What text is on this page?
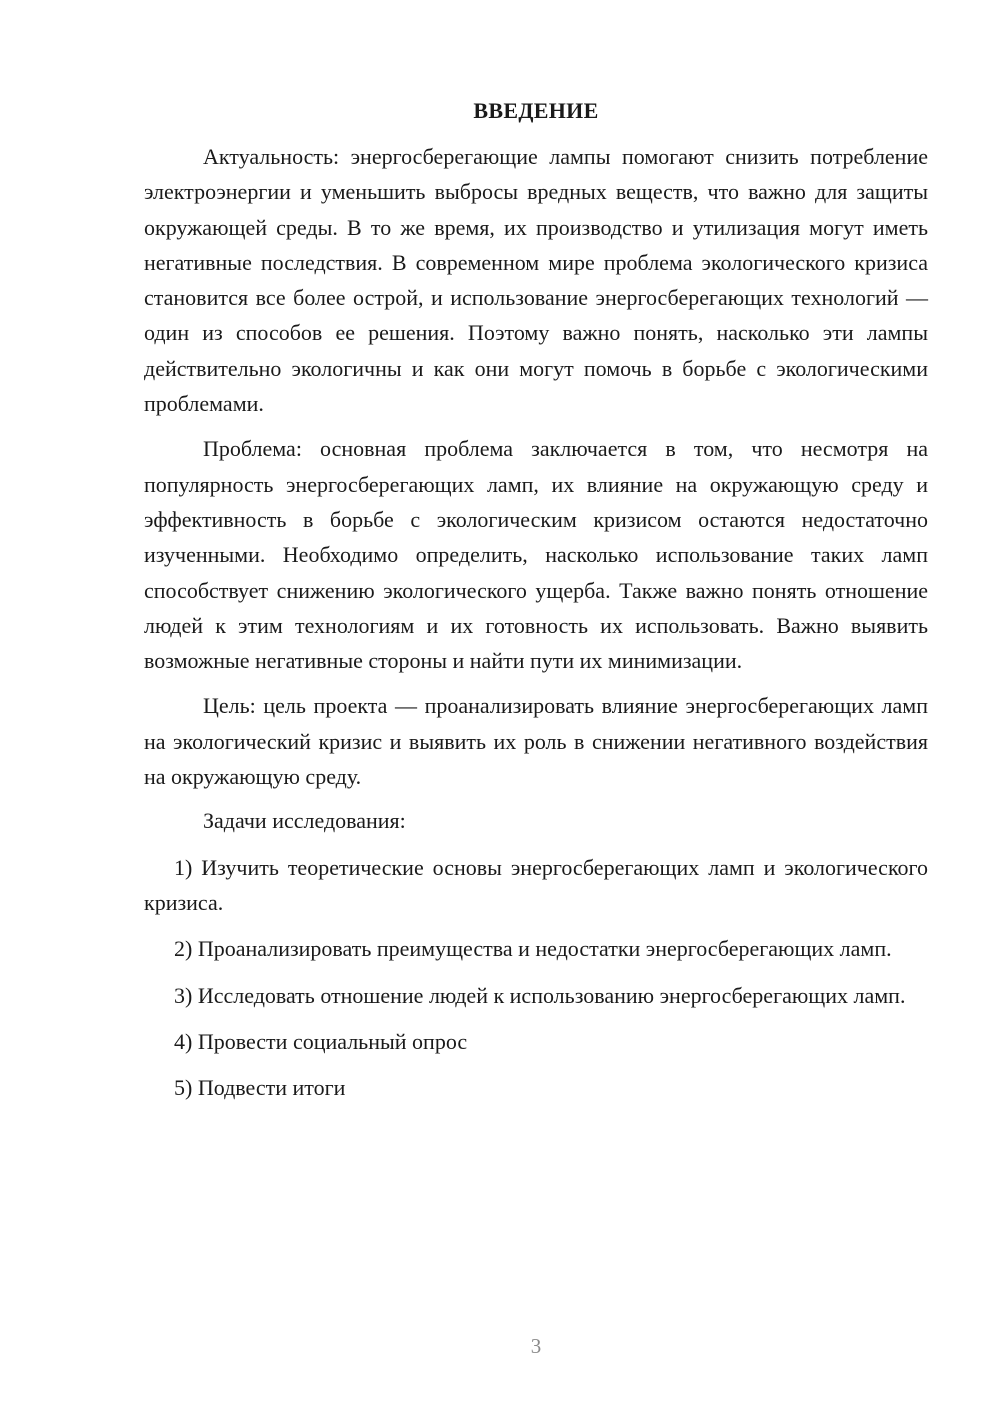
ВВЕДЕНИЕ

Актуальность: энергосберегающие лампы помогают снизить потребление электроэнергии и уменьшить выбросы вредных веществ, что важно для защиты окружающей среды. В то же время, их производство и утилизация могут иметь негативные последствия. В современном мире проблема экологического кризиса становится все более острой, и использование энергосберегающих технологий — один из способов ее решения. Поэтому важно понять, насколько эти лампы действительно экологичны и как они могут помочь в борьбе с экологическими проблемами.

Проблема: основная проблема заключается в том, что несмотря на популярность энергосберегающих ламп, их влияние на окружающую среду и эффективность в борьбе с экологическим кризисом остаются недостаточно изученными. Необходимо определить, насколько использование таких ламп способствует снижению экологического ущерба. Также важно понять отношение людей к этим технологиям и их готовность их использовать. Важно выявить возможные негативные стороны и найти пути их минимизации.

Цель: цель проекта — проанализировать влияние энергосберегающих ламп на экологический кризис и выявить их роль в снижении негативного воздействия на окружающую среду.

Задачи исследования:

1) Изучить теоретические основы энергосберегающих ламп и экологического кризиса.

2) Проанализировать преимущества и недостатки энергосберегающих ламп.

3) Исследовать отношение людей к использованию энергосберегающих ламп.

4) Провести социальный опрос

5) Подвести итоги

3
